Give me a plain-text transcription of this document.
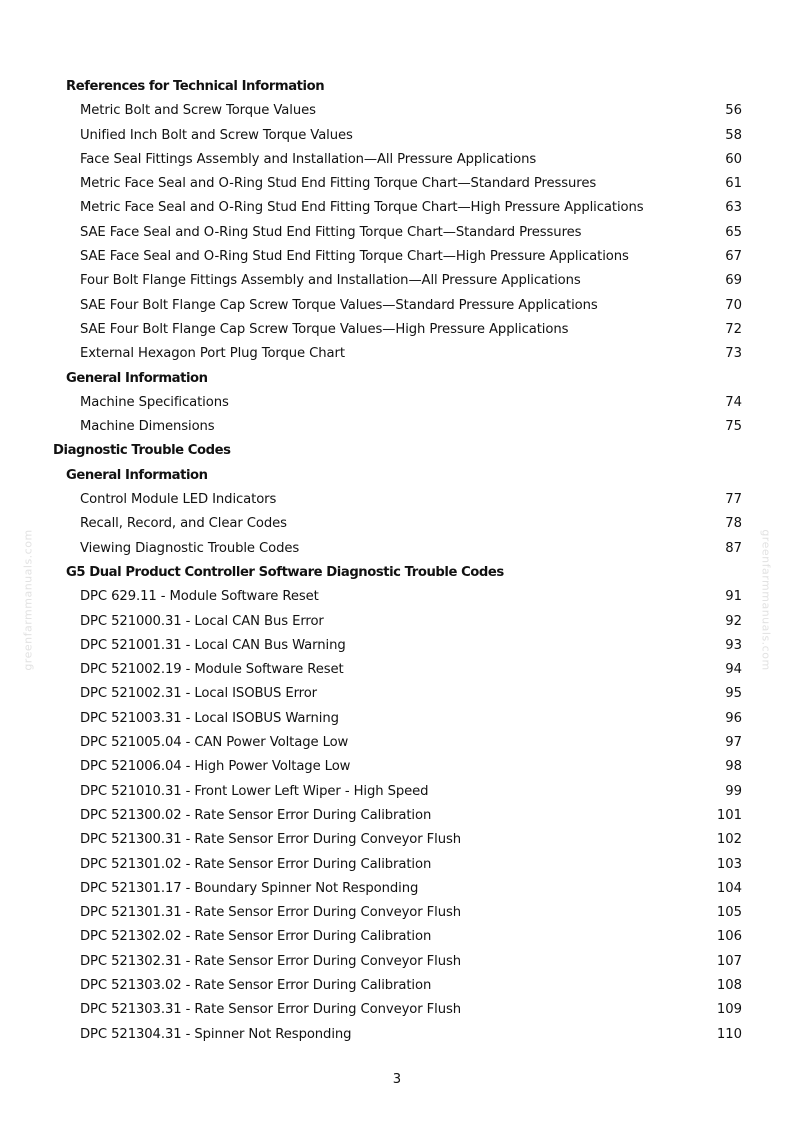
greenfarmmanuals.com	greenfarmmanuals.com
References for Technical Information
Metric Bolt and Screw Torque Values	56
Unified Inch Bolt and Screw Torque Values	58
Face Seal Fittings Assembly and Installation—All Pressure Applications	60
Metric Face Seal and O-Ring Stud End Fitting Torque Chart—Standard Pressures	61
Metric Face Seal and O-Ring Stud End Fitting Torque Chart—High Pressure Applications	63
SAE Face Seal and O-Ring Stud End Fitting Torque Chart—Standard Pressures	65
SAE Face Seal and O-Ring Stud End Fitting Torque Chart—High Pressure Applications	67
Four Bolt Flange Fittings Assembly and Installation—All Pressure Applications	69
SAE Four Bolt Flange Cap Screw Torque Values—Standard Pressure Applications	70
SAE Four Bolt Flange Cap Screw Torque Values—High Pressure Applications	72
External Hexagon Port Plug Torque Chart	73
General Information
Machine Specifications	74
Machine Dimensions	75
Diagnostic Trouble Codes
General Information
Control Module LED Indicators	77
Recall, Record, and Clear Codes	78
Viewing Diagnostic Trouble Codes	87
G5 Dual Product Controller Software Diagnostic Trouble Codes
DPC 629.11 - Module Software Reset	91
DPC 521000.31 - Local CAN Bus Error	92
DPC 521001.31 - Local CAN Bus Warning	93
DPC 521002.19 - Module Software Reset	94
DPC 521002.31 - Local ISOBUS Error	95
DPC 521003.31 - Local ISOBUS Warning	96
DPC 521005.04 - CAN Power Voltage Low	97
DPC 521006.04 - High Power Voltage Low	98
DPC 521010.31 - Front Lower Left Wiper - High Speed	99
DPC 521300.02 - Rate Sensor Error During Calibration	101
DPC 521300.31 - Rate Sensor Error During Conveyor Flush	102
DPC 521301.02 - Rate Sensor Error During Calibration	103
DPC 521301.17 - Boundary Spinner Not Responding	104
DPC 521301.31 - Rate Sensor Error During Conveyor Flush	105
DPC 521302.02 - Rate Sensor Error During Calibration	106
DPC 521302.31 - Rate Sensor Error During Conveyor Flush	107
DPC 521303.02 - Rate Sensor Error During Calibration	108
DPC 521303.31 - Rate Sensor Error During Conveyor Flush	109
DPC 521304.31 - Spinner Not Responding	110
3
